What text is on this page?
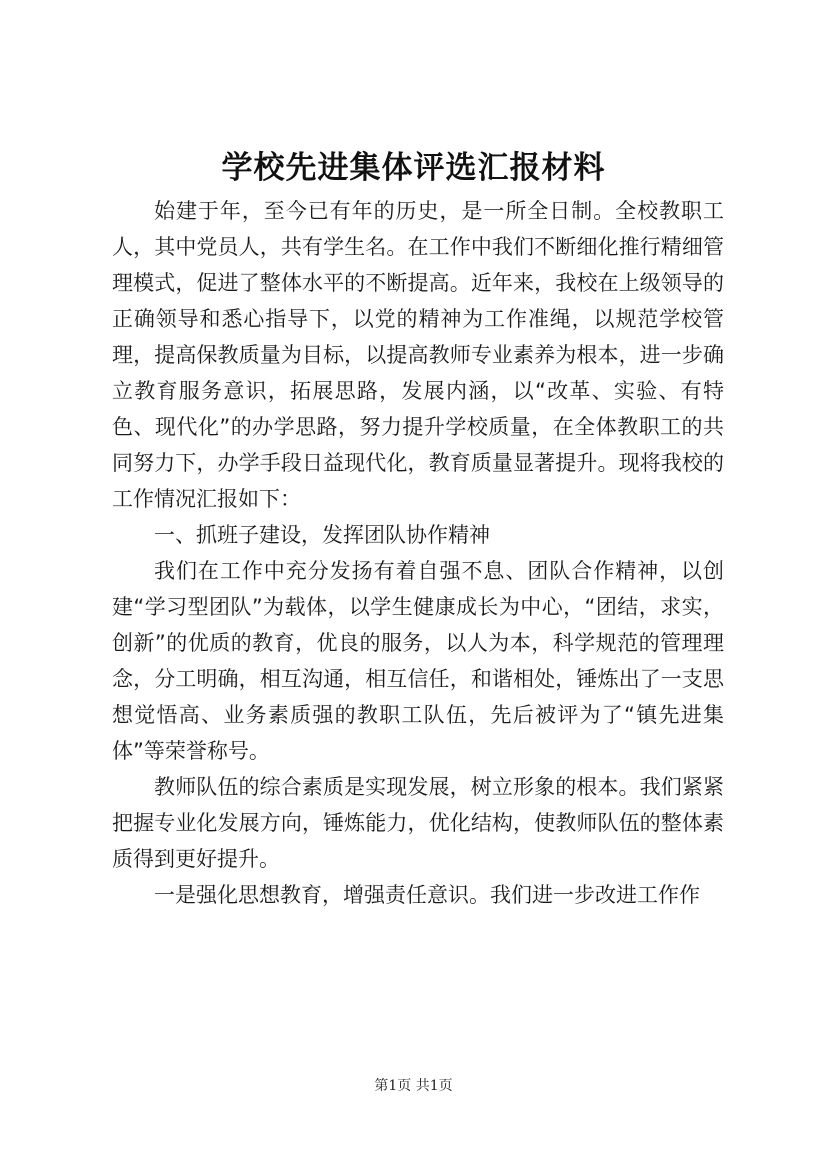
学校先进集体评选汇报材料

始建于年，至今已有年的历史，是一所全日制。全校教职工人，其中党员人，共有学生名。在工作中我们不断细化推行精细管理模式，促进了整体水平的不断提高。近年来，我校在上级领导的正确领导和悉心指导下，以党的精神为工作准绳，以规范学校管理，提高保教质量为目标，以提高教师专业素养为根本，进一步确立教育服务意识，拓展思路，发展内涵，以“改革、实验、有特色、现代化”的办学思路，努力提升学校质量，在全体教职工的共同努力下，办学手段日益现代化，教育质量显著提升。现将我校的工作情况汇报如下：

一、抓班子建设，发挥团队协作精神

我们在工作中充分发扬有着自强不息、团队合作精神，以创建“学习型团队”为载体，以学生健康成长为中心，“团结，求实，创新”的优质的教育，优良的服务，以人为本，科学规范的管理理念，分工明确，相互沟通，相互信任，和谐相处，锤炼出了一支思想觉悟高、业务素质强的教职工队伍，先后被评为了“镇先进集体”等荣誉称号。

教师队伍的综合素质是实现发展，树立形象的根本。我们紧紧把握专业化发展方向，锤炼能力，优化结构，使教师队伍的整体素质得到更好提升。

一是强化思想教育，增强责任意识。我们进一步改进工作作

第1页 共1页
